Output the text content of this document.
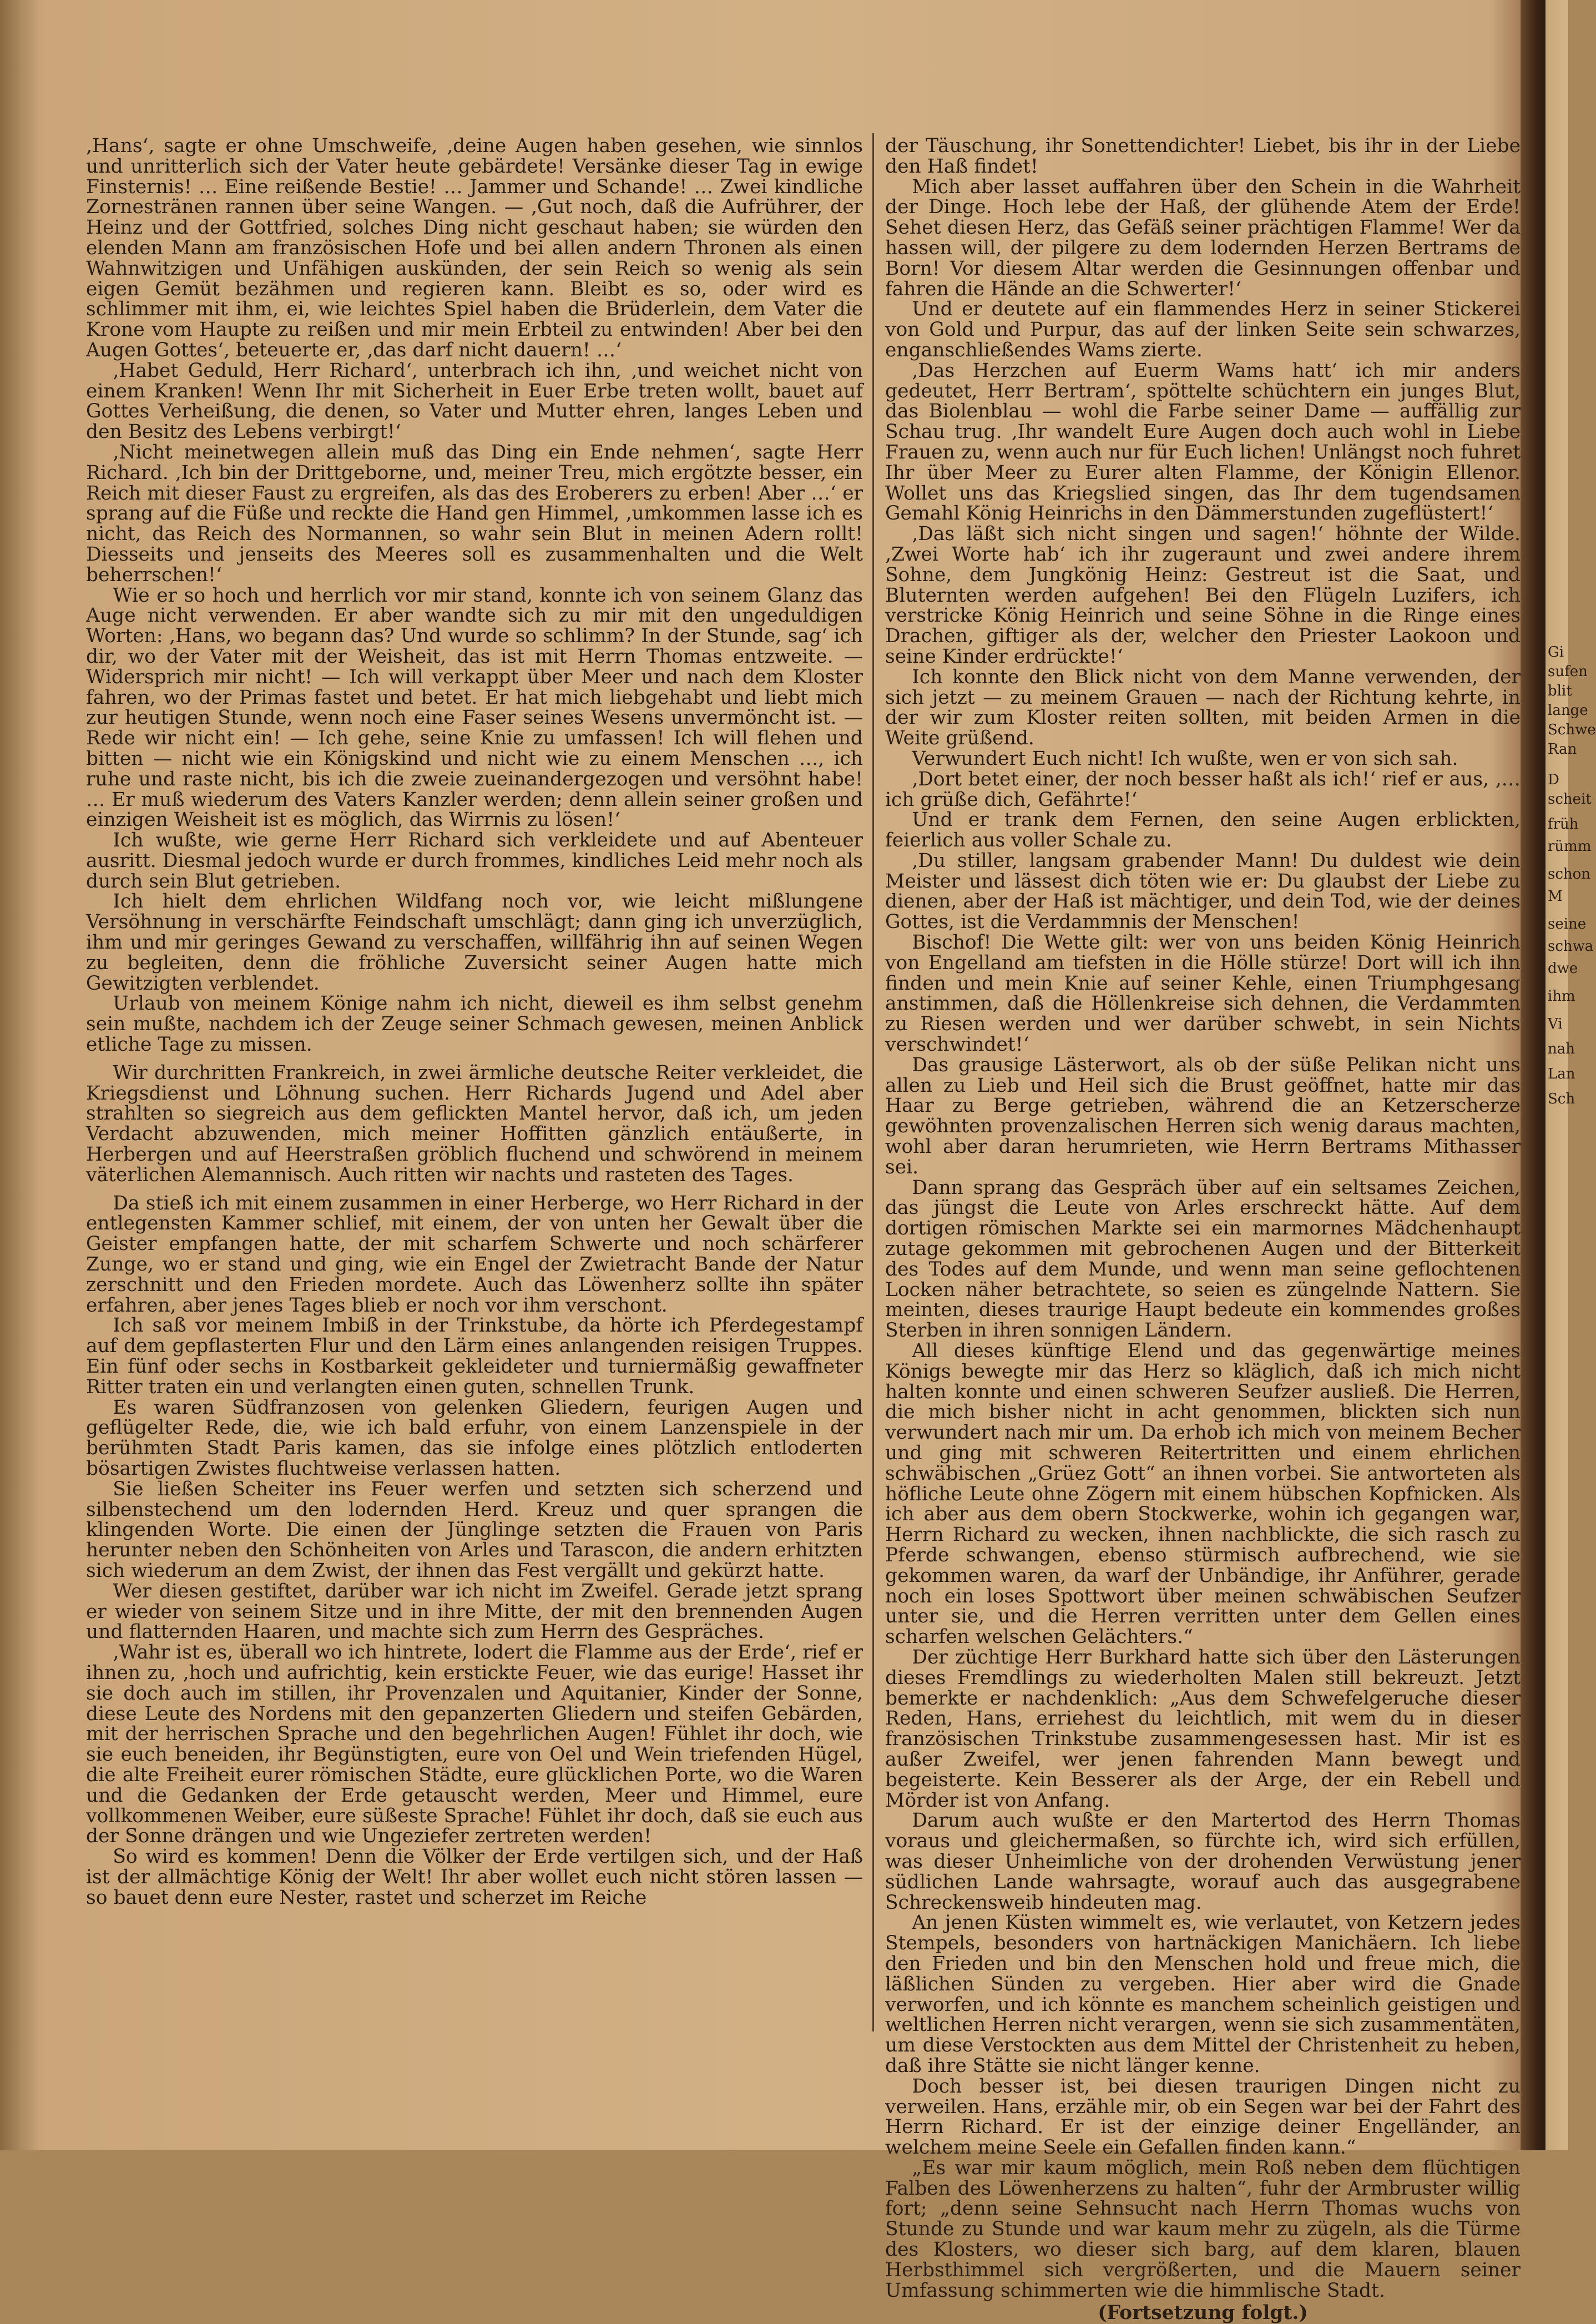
‚Hans‘, sagte er ohne Umschweife, ‚deine Augen haben gesehen, wie sinnlos und unritterlich sich der Vater heute gebärdete! Versänke dieser Tag in ewige Finsternis! … Eine reißende Bestie! … Jammer und Schande! … Zwei kindliche Zornestränen rannen über seine Wangen. — ‚Gut noch, daß die Aufrührer, der Heinz und der Gottfried, solches Ding nicht geschaut haben; sie würden den elenden Mann am französischen Hofe und bei allen andern Thronen als einen Wahnwitzigen und Unfähigen auskünden, der sein Reich so wenig als sein eigen Gemüt bezähmen und regieren kann. Bleibt es so, oder wird es schlimmer mit ihm, ei, wie leichtes Spiel haben die Brüderlein, dem Vater die Krone vom Haupte zu reißen und mir mein Erbteil zu entwinden! Aber bei den Augen Gottes‘, beteuerte er, ‚das darf nicht dauern! …‘

‚Habet Geduld, Herr Richard‘, unterbrach ich ihn, ‚und weichet nicht von einem Kranken! Wenn Ihr mit Sicherheit in Euer Erbe treten wollt, bauet auf Gottes Verheißung, die denen, so Vater und Mutter ehren, langes Leben und den Besitz des Lebens verbirgt!‘

‚Nicht meinetwegen allein muß das Ding ein Ende nehmen‘, sagte Herr Richard. ‚Ich bin der Drittgeborne, und, meiner Treu, mich ergötzte besser, ein Reich mit dieser Faust zu ergreifen, als das des Eroberers zu erben! Aber …‘ er sprang auf die Füße und reckte die Hand gen Himmel, ‚umkommen lasse ich es nicht, das Reich des Normannen, so wahr sein Blut in meinen Adern rollt! Diesseits und jenseits des Meeres soll es zusammenhalten und die Welt beherrschen!‘

Wie er so hoch und herrlich vor mir stand, konnte ich von seinem Glanz das Auge nicht verwenden. Er aber wandte sich zu mir mit den ungeduldigen Worten: ‚Hans, wo begann das? Und wurde so schlimm? In der Stunde, sag‘ ich dir, wo der Vater mit der Weisheit, das ist mit Herrn Thomas entzweite. — Widersprich mir nicht! — Ich will verkappt über Meer und nach dem Kloster fahren, wo der Primas fastet und betet. Er hat mich liebgehabt und liebt mich zur heutigen Stunde, wenn noch eine Faser seines Wesens unvermöncht ist. — Rede wir nicht ein! — Ich gehe, seine Knie zu umfassen! Ich will flehen und bitten — nicht wie ein Königskind und nicht wie zu einem Menschen …, ich ruhe und raste nicht, bis ich die zweie zueinandergezogen und versöhnt habe! … Er muß wiederum des Vaters Kanzler werden; denn allein seiner großen und einzigen Weisheit ist es möglich, das Wirrnis zu lösen!‘

Ich wußte, wie gerne Herr Richard sich verkleidete und auf Abenteuer ausritt. Diesmal jedoch wurde er durch frommes, kindliches Leid mehr noch als durch sein Blut getrieben.

Ich hielt dem ehrlichen Wildfang noch vor, wie leicht mißlungene Versöhnung in verschärfte Feindschaft umschlägt; dann ging ich unverzüglich, ihm und mir geringes Gewand zu verschaffen, willfährig ihn auf seinen Wegen zu begleiten, denn die fröhliche Zuversicht seiner Augen hatte mich Gewitzigten verblendet.

Urlaub von meinem Könige nahm ich nicht, dieweil es ihm selbst genehm sein mußte, nachdem ich der Zeuge seiner Schmach gewesen, meinen Anblick etliche Tage zu missen.

Wir durchritten Frankreich, in zwei ärmliche deutsche Reiter verkleidet, die Kriegsdienst und Löhnung suchen. Herr Richards Jugend und Adel aber strahlten so siegreich aus dem geflickten Mantel hervor, daß ich, um jeden Verdacht abzuwenden, mich meiner Hoffitten gänzlich entäußerte, in Herbergen und auf Heerstraßen gröblich fluchend und schwörend in meinem väterlichen Alemannisch. Auch ritten wir nachts und rasteten des Tages.

Da stieß ich mit einem zusammen in einer Herberge, wo Herr Richard in der entlegensten Kammer schlief, mit einem, der von unten her Gewalt über die Geister empfangen hatte, der mit scharfem Schwerte und noch schärferer Zunge, wo er stand und ging, wie ein Engel der Zwietracht Bande der Natur zerschnitt und den Frieden mordete. Auch das Löwenherz sollte ihn später erfahren, aber jenes Tages blieb er noch vor ihm verschont.

Ich saß vor meinem Imbiß in der Trinkstube, da hörte ich Pferdegestampf auf dem gepflasterten Flur und den Lärm eines anlangenden reisigen Truppes. Ein fünf oder sechs in Kostbarkeit gekleideter und turniermäßig gewaffneter Ritter traten ein und verlangten einen guten, schnellen Trunk.

Es waren Südfranzosen von gelenken Gliedern, feurigen Augen und geflügelter Rede, die, wie ich bald erfuhr, von einem Lanzenspiele in der berühmten Stadt Paris kamen, das sie infolge eines plötzlich entloderten bösartigen Zwistes fluchtweise verlassen hatten.

Sie ließen Scheiter ins Feuer werfen und setzten sich scherzend und silbenstechend um den lodernden Herd. Kreuz und quer sprangen die klingenden Worte. Die einen der Jünglinge setzten die Frauen von Paris herunter neben den Schönheiten von Arles und Tarascon, die andern erhitzten sich wiederum an dem Zwist, der ihnen das Fest vergällt und gekürzt hatte.

Wer diesen gestiftet, darüber war ich nicht im Zweifel. Gerade jetzt sprang er wieder von seinem Sitze und in ihre Mitte, der mit den brennenden Augen und flatternden Haaren, und machte sich zum Herrn des Gespräches.

‚Wahr ist es, überall wo ich hintrete, lodert die Flamme aus der Erde‘, rief er ihnen zu, ‚hoch und aufrichtig, kein erstickte Feuer, wie das eurige! Hasset ihr sie doch auch im stillen, ihr Provenzalen und Aquitanier, Kinder der Sonne, diese Leute des Nordens mit den gepanzerten Gliedern und steifen Gebärden, mit der herrischen Sprache und den begehrlichen Augen! Fühlet ihr doch, wie sie euch beneiden, ihr Begünstigten, eure von Oel und Wein triefenden Hügel, die alte Freiheit eurer römischen Städte, eure glücklichen Porte, wo die Waren und die Gedanken der Erde getauscht werden, Meer und Himmel, eure vollkommenen Weiber, eure süßeste Sprache! Fühlet ihr doch, daß sie euch aus der Sonne drängen und wie Ungeziefer zertreten werden!

So wird es kommen! Denn die Völker der Erde vertilgen sich, und der Haß ist der allmächtige König der Welt! Ihr aber wollet euch nicht stören lassen — so bauet denn eure Nester, rastet und scherzet im Reiche

der Täuschung, ihr Sonettendichter! Liebet, bis ihr in der Liebe den Haß findet!

Mich aber lasset auffahren über den Schein in die Wahrheit der Dinge. Hoch lebe der Haß, der glühende Atem der Erde! Sehet diesen Herz, das Gefäß seiner prächtigen Flamme! Wer da hassen will, der pilgere zu dem lodernden Herzen Bertrams de Born! Vor diesem Altar werden die Gesinnungen offenbar und fahren die Hände an die Schwerter!‘

Und er deutete auf ein flammendes Herz in seiner Stickerei von Gold und Purpur, das auf der linken Seite sein schwarzes, enganschließendes Wams zierte.

‚Das Herzchen auf Euerm Wams hatt‘ ich mir anders gedeutet, Herr Bertram‘, spöttelte schüchtern ein junges Blut, das Biolenblau — wohl die Farbe seiner Dame — auffällig zur Schau trug. ‚Ihr wandelt Eure Augen doch auch wohl in Liebe Frauen zu, wenn auch nur für Euch lichen! Unlängst noch fuhret Ihr über Meer zu Eurer alten Flamme, der Königin Ellenor. Wollet uns das Kriegslied singen, das Ihr dem tugendsamen Gemahl König Heinrichs in den Dämmerstunden zugeflüstert!‘

‚Das läßt sich nicht singen und sagen!‘ höhnte der Wilde. ‚Zwei Worte hab‘ ich ihr zugeraunt und zwei andere ihrem Sohne, dem Jungkönig Heinz: Gestreut ist die Saat, und Bluternten werden aufgehen! Bei den Flügeln Luzifers, ich verstricke König Heinrich und seine Söhne in die Ringe eines Drachen, giftiger als der, welcher den Priester Laokoon und seine Kinder erdrückte!‘

Ich konnte den Blick nicht von dem Manne verwenden, der sich jetzt — zu meinem Grauen — nach der Richtung kehrte, in der wir zum Kloster reiten sollten, mit beiden Armen in die Weite grüßend.

Verwundert Euch nicht! Ich wußte, wen er von sich sah.

‚Dort betet einer, der noch besser haßt als ich!‘ rief er aus, ‚… ich grüße dich, Gefährte!‘

Und er trank dem Fernen, den seine Augen erblickten, feierlich aus voller Schale zu.

‚Du stiller, langsam grabender Mann! Du duldest wie dein Meister und lässest dich töten wie er: Du glaubst der Liebe zu dienen, aber der Haß ist mächtiger, und dein Tod, wie der deines Gottes, ist die Verdammnis der Menschen!

Bischof! Die Wette gilt: wer von uns beiden König Heinrich von Engelland am tiefsten in die Hölle stürze! Dort will ich ihn finden und mein Knie auf seiner Kehle, einen Triumphgesang anstimmen, daß die Höllenkreise sich dehnen, die Verdammten zu Riesen werden und wer darüber schwebt, in sein Nichts verschwindet!‘

Das grausige Lästerwort, als ob der süße Pelikan nicht uns allen zu Lieb und Heil sich die Brust geöffnet, hatte mir das Haar zu Berge getrieben, während die an Ketzerscherze gewöhnten provenzalischen Herren sich wenig daraus machten, wohl aber daran herumrieten, wie Herrn Bertrams Mithasser sei.

Dann sprang das Gespräch über auf ein seltsames Zeichen, das jüngst die Leute von Arles erschreckt hätte. Auf dem dortigen römischen Markte sei ein marmornes Mädchenhaupt zutage gekommen mit gebrochenen Augen und der Bitterkeit des Todes auf dem Munde, und wenn man seine geflochtenen Locken näher betrachtete, so seien es züngelnde Nattern. Sie meinten, dieses traurige Haupt bedeute ein kommendes großes Sterben in ihren sonnigen Ländern.

All dieses künftige Elend und das gegenwärtige meines Königs bewegte mir das Herz so kläglich, daß ich mich nicht halten konnte und einen schweren Seufzer ausließ. Die Herren, die mich bisher nicht in acht genommen, blickten sich nun verwundert nach mir um. Da erhob ich mich von meinem Becher und ging mit schweren Reitertritten und einem ehrlichen schwäbischen „Grüez Gott“ an ihnen vorbei. Sie antworteten als höfliche Leute ohne Zögern mit einem hübschen Kopfnicken. Als ich aber aus dem obern Stockwerke, wohin ich gegangen war, Herrn Richard zu wecken, ihnen nachblickte, die sich rasch zu Pferde schwangen, ebenso stürmisch aufbrechend, wie sie gekommen waren, da warf der Unbändige, ihr Anführer, gerade noch ein loses Spottwort über meinen schwäbischen Seufzer unter sie, und die Herren verritten unter dem Gellen eines scharfen welschen Gelächters.“

Der züchtige Herr Burkhard hatte sich über den Lästerungen dieses Fremdlings zu wiederholten Malen still bekreuzt. Jetzt bemerkte er nachdenklich: „Aus dem Schwefelgeruche dieser Reden, Hans, erriehest du leichtlich, mit wem du in dieser französischen Trinkstube zusammengesessen hast. Mir ist es außer Zweifel, wer jenen fahrenden Mann bewegt und begeisterte. Kein Besserer als der Arge, der ein Rebell und Mörder ist von Anfang.

Darum auch wußte er den Martertod des Herrn Thomas voraus und gleichermaßen, so fürchte ich, wird sich erfüllen, was dieser Unheimliche von der drohenden Verwüstung jener südlichen Lande wahrsagte, worauf auch das ausgegrabene Schreckensweib hindeuten mag.

An jenen Küsten wimmelt es, wie verlautet, von Ketzern jedes Stempels, besonders von hartnäckigen Manichäern. Ich liebe den Frieden und bin den Menschen hold und freue mich, die läßlichen Sünden zu vergeben. Hier aber wird die Gnade verworfen, und ich könnte es manchem scheinlich geistigen und weltlichen Herren nicht verargen, wenn sie sich zusammentäten, um diese Verstockten aus dem Mittel der Christenheit zu heben, daß ihre Stätte sie nicht länger kenne.

Doch besser ist, bei diesen traurigen Dingen nicht zu verweilen. Hans, erzähle mir, ob ein Segen war bei der Fahrt des Herrn Richard. Er ist der einzige deiner Engelländer, an welchem meine Seele ein Gefallen finden kann.“

„Es war mir kaum möglich, mein Roß neben dem flüchtigen Falben des Löwenherzens zu halten“, fuhr der Armbruster willig fort; „denn seine Sehnsucht nach Herrn Thomas wuchs von Stunde zu Stunde und war kaum mehr zu zügeln, als die Türme des Klosters, wo dieser sich barg, auf dem klaren, blauen Herbsthimmel sich vergrößerten, und die Mauern seiner Umfassung schimmerten wie die himmlische Stadt.

(Fortsetzung folgt.)

Gi
sufen
blit
lange
Schwe
Ran
D
scheit
früh
rümm
schon
M
seine
schwa
dwe
ihm
Vi
nah
Lan
Sch
